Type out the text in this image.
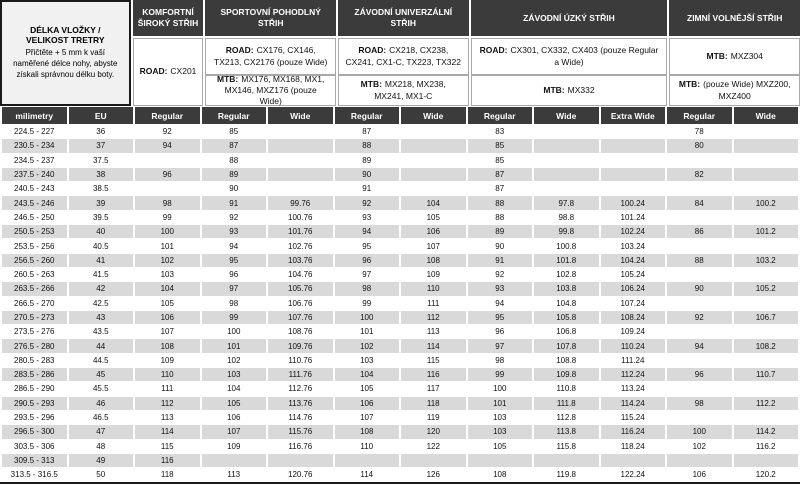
DÉLKA VLOŽKY / VELIKOST TRETRY
Přičtěte + 5 mm k vaší naměřené délce nohy, abyste získali správnou délku boty.
KOMFORTNÍ ŠIROKÝ STŘIH
SPORTOVNÍ POHODLNÝ STŘIH
ZÁVODNÍ UNIVERZÁLNÍ STŘIH
ZÁVODNÍ ÚZKÝ STŘIH	ZIMNÍ VOLNĚJŠÍ STŘIH
ROAD: CX201
ROAD: CX176, CX146, TX213, CX2176 (pouze Wide)
MTB: MX176, MX168, MX1, MX146, MXZ176 (pouze Wide)
ROAD: CX218, CX238, CX241, CX1-C, TX223, TX322
MTB: MX218, MX238, MX241, MX1-C
ROAD: CX301, CX332, CX403 (pouze Regular a Wide)
MTB: MX332
MTB: MXZ304
MTB: (pouze Wide) MXZ200, MXZ400
milimetry	EU	Regular	Regular	Wide	Regular	Wide	Regular	Wide	Extra Wide	Regular	Wide
224.5 - 227	36	92	85		87		83			78	
230.5 - 234	37	94	87		88		85			80	
234.5 - 237	37.5		88		89		85				
237.5 - 240	38	96	89		90		87			82	
240.5 - 243	38.5		90		91		87				
243.5 - 246	39	98	91	99.76	92	104	88	97.8	100.24	84	100.2
246.5 - 250	39.5	99	92	100.76	93	105	88	98.8	101.24		
250.5 - 253	40	100	93	101.76	94	106	89	99.8	102.24	86	101.2
253.5 - 256	40.5	101	94	102.76	95	107	90	100.8	103.24		
256.5 - 260	41	102	95	103.76	96	108	91	101.8	104.24	88	103.2
260.5 - 263	41.5	103	96	104.76	97	109	92	102.8	105.24		
263.5 - 266	42	104	97	105.76	98	110	93	103.8	106.24	90	105.2
266.5 - 270	42.5	105	98	106.76	99	111	94	104.8	107.24		
270.5 - 273	43	106	99	107.76	100	112	95	105.8	108.24	92	106.7
273.5 - 276	43.5	107	100	108.76	101	113	96	106.8	109.24		
276.5 - 280	44	108	101	109.76	102	114	97	107.8	110.24	94	108.2
280.5 - 283	44.5	109	102	110.76	103	115	98	108.8	111.24		
283.5 - 286	45	110	103	111.76	104	116	99	109.8	112.24	96	110.7
286.5 - 290	45.5	111	104	112.76	105	117	100	110.8	113.24		
290.5 - 293	46	112	105	113.76	106	118	101	111.8	114.24	98	112.2
293.5 - 296	46.5	113	106	114.76	107	119	103	112.8	115.24		
296.5 - 300	47	114	107	115.76	108	120	103	113.8	116.24	100	114.2
303.5 - 306	48	115	109	116.76	110	122	105	115.8	118.24	102	116.2
309.5 - 313	49	116									
313.5 - 316.5	50	118	113	120.76	114	126	108	119.8	122.24	106	120.2
